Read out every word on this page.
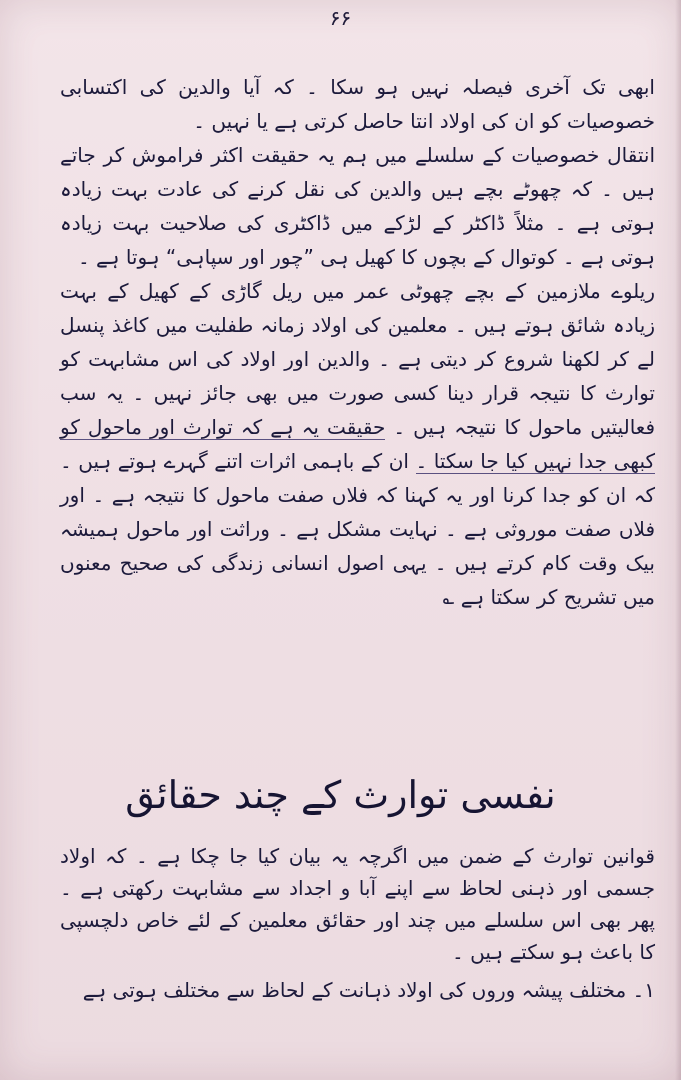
۶۶

ابھی تک آخری فیصلہ نہیں ہو سکا ۔ کہ آیا والدین کی اکتسابی خصوصیات کو ان کی اولاد انتا حاصل کرتی ہے یا نہیں ۔

انتقال خصوصیات کے سلسلے میں ہم یہ حقیقت اکثر فراموش کر جاتے ہیں ۔ کہ چھوٹے بچے ہیں والدین کی نقل کرنے کی عادت بہت زیادہ ہوتی ہے ۔ مثلاً ڈاکٹر کے لڑکے میں ڈاکٹری کی صلاحیت بہت زیادہ ہوتی ہے ۔ کوتوال کے بچوں کا کھیل ہی ”چور اور سپاہی“ ہوتا ہے ۔

ریلوے ملازمین کے بچے چھوٹی عمر میں ریل گاڑی کے کھیل کے بہت زیادہ شائق ہوتے ہیں ۔ معلمین کی اولاد زمانہ طفلیت میں کاغذ پنسل لے کر لکھنا شروع کر دیتی ہے ۔ والدین اور اولاد کی اس مشابہت کو توارث کا نتیجہ قرار دینا کسی صورت میں بھی جائز نہیں ۔ یہ سب فعالیتیں ماحول کا نتیجہ ہیں ۔ حقیقت یہ ہے کہ توارث اور ماحول کو کبھی جدا نہیں کیا جا سکتا ۔ ان کے باہمی اثرات اتنے گہرے ہوتے ہیں ۔ کہ ان کو جدا کرنا اور یہ کہنا کہ فلاں صفت ماحول کا نتیجہ ہے ۔ اور فلاں صفت موروثی ہے ۔ نہایت مشکل ہے ۔ وراثت اور ماحول ہمیشہ بیک وقت کام کرتے ہیں ۔ یہی اصول انسانی زندگی کی صحیح معنوں میں تشریح کر سکتا ہے ؎

نفسی توارث کے چند حقائق

قوانین توارث کے ضمن میں اگرچہ یہ بیان کیا جا چکا ہے ۔ کہ اولاد جسمی اور ذہنی لحاظ سے اپنے آبا و اجداد سے مشابہت رکھتی ہے ۔ پھر بھی اس سلسلے میں چند اور حقائق معلمین کے لئے خاص دلچسپی کا باعث ہو سکتے ہیں ۔

۱۔ مختلف پیشہ وروں کی اولاد ذہانت کے لحاظ سے مختلف ہوتی ہے
